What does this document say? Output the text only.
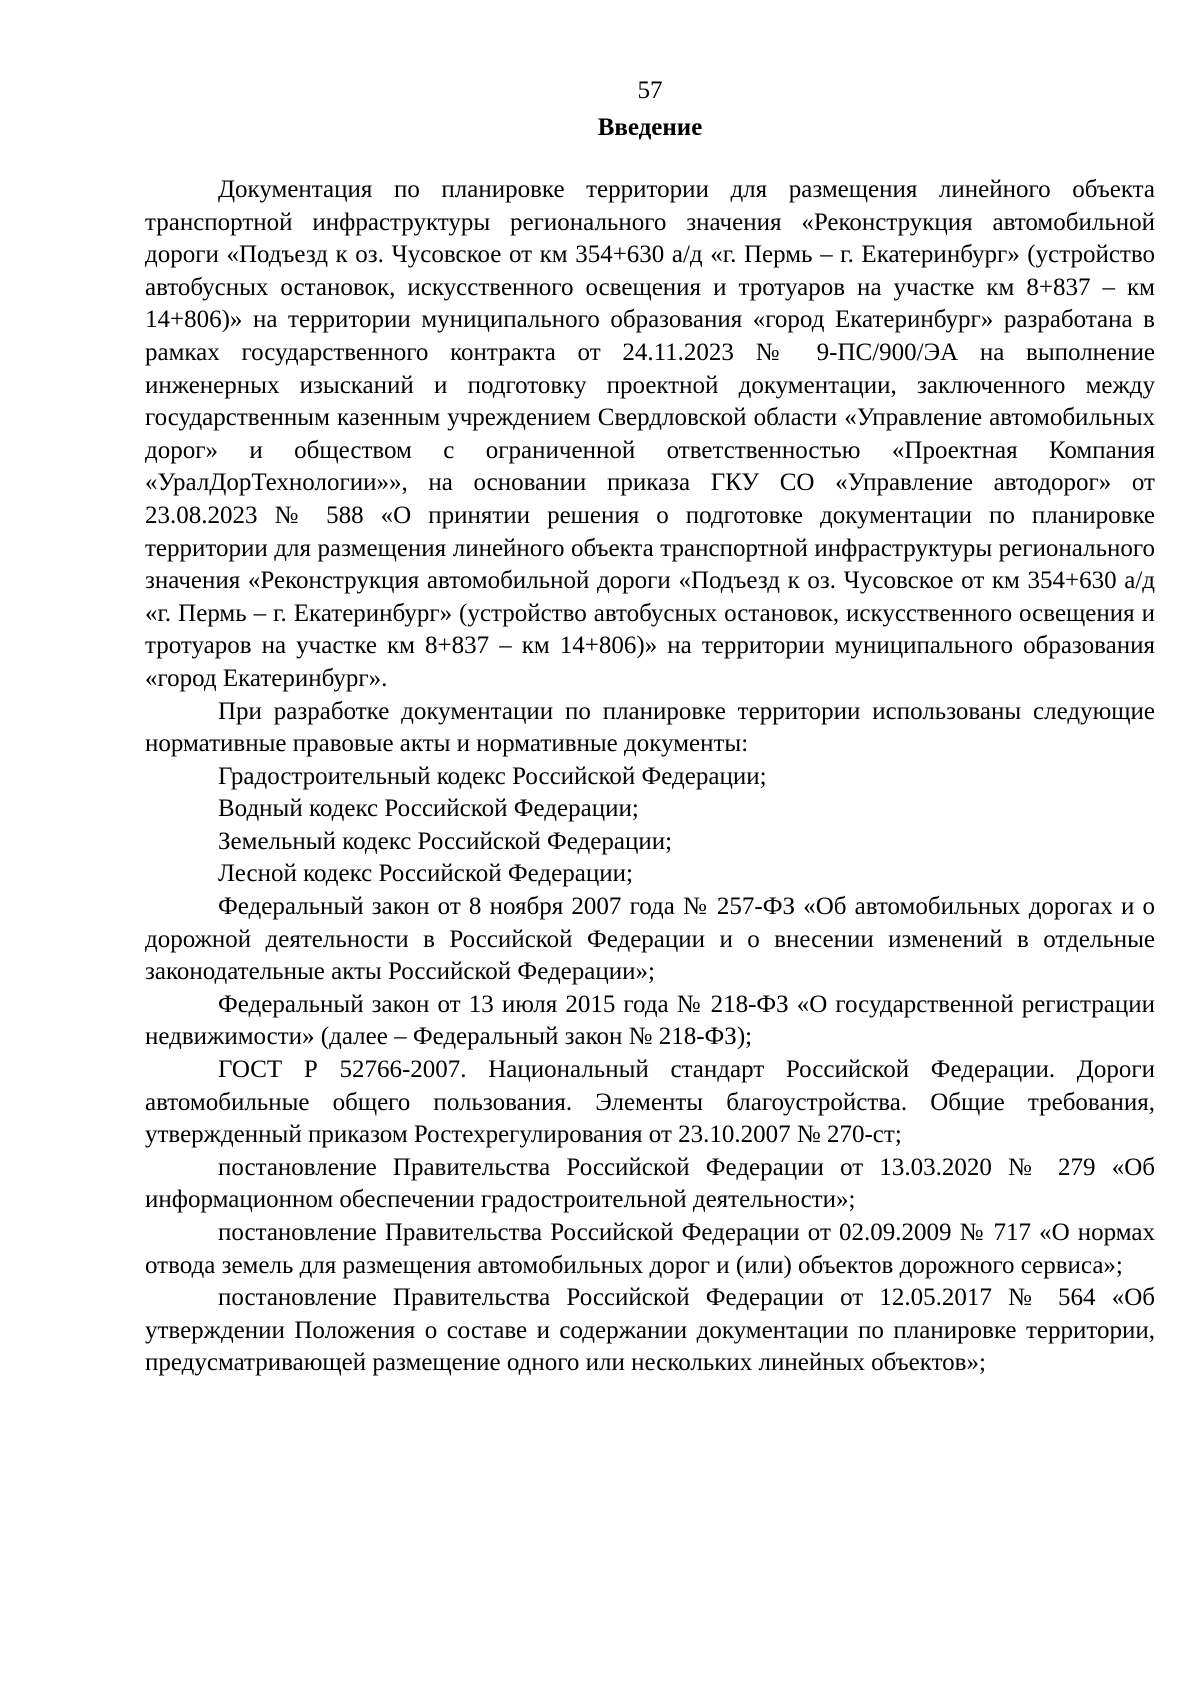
57
Введение

Документация по планировке территории для размещения линейного объекта транспортной инфраструктуры регионального значения «Реконструкция автомобильной дороги «Подъезд к оз. Чусовское от км 354+630 а/д «г. Пермь – г. Екатеринбург» (устройство автобусных остановок, искусственного освещения и тротуаров на участке км 8+837 – км 14+806)» на территории муниципального образования «город Екатеринбург» разработана в рамках государственного контракта от 24.11.2023 № 9-ПС/900/ЭА на выполнение инженерных изысканий и подготовку проектной документации, заключенного между государственным казенным учреждением Свердловской области «Управление автомобильных дорог» и обществом с ограниченной ответственностью «Проектная Компания «УралДорТехнологии»», на основании приказа ГКУ СО «Управление автодорог» от 23.08.2023 № 588 «О принятии решения о подготовке документации по планировке территории для размещения линейного объекта транспортной инфраструктуры регионального значения «Реконструкция автомобильной дороги «Подъезд к оз. Чусовское от км 354+630 а/д «г. Пермь – г. Екатеринбург» (устройство автобусных остановок, искусственного освещения и тротуаров на участке км 8+837 – км 14+806)» на территории муниципального образования «город Екатеринбург».

При разработке документации по планировке территории использованы следующие нормативные правовые акты и нормативные документы:

Градостроительный кодекс Российской Федерации;

Водный кодекс Российской Федерации;

Земельный кодекс Российской Федерации;

Лесной кодекс Российской Федерации;

Федеральный закон от 8 ноября 2007 года № 257-ФЗ «Об автомобильных дорогах и о дорожной деятельности в Российской Федерации и о внесении изменений в отдельные законодательные акты Российской Федерации»;

Федеральный закон от 13 июля 2015 года № 218-ФЗ «О государственной регистрации недвижимости» (далее – Федеральный закон № 218-ФЗ);

ГОСТ Р 52766-2007. Национальный стандарт Российской Федерации. Дороги автомобильные общего пользования. Элементы благоустройства. Общие требования, утвержденный приказом Ростехрегулирования от 23.10.2007 № 270-ст;

постановление Правительства Российской Федерации от 13.03.2020 № 279 «Об информационном обеспечении градостроительной деятельности»;

постановление Правительства Российской Федерации от 02.09.2009 № 717 «О нормах отвода земель для размещения автомобильных дорог и (или) объектов дорожного сервиса»;

постановление Правительства Российской Федерации от 12.05.2017 № 564 «Об утверждении Положения о составе и содержании документации по планировке территории, предусматривающей размещение одного или нескольких линейных объектов»;
